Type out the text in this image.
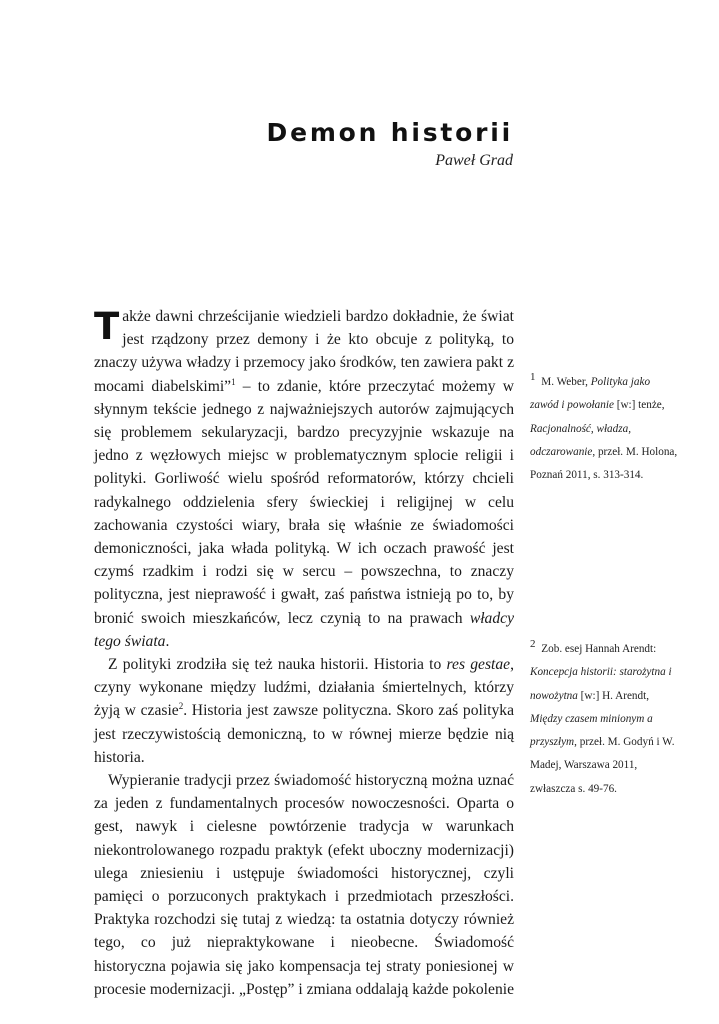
Demon historii
Paweł Grad

Także dawni chrześcijanie wiedzieli bardzo dokładnie, że świat jest rządzony przez demony i że kto obcuje z polityką, to znaczy używa władzy i przemocy jako środków, ten zawiera pakt z mocami diabelskimi”$^1$ – to zdanie, które przeczytać możemy w słynnym tekście jednego z najważniejszych autorów zajmujących się problemem sekularyzacji, bardzo precyzyjnie wskazuje na jedno z węzłowych miejsc w problematycznym splocie religii i polityki. Gorliwość wielu spośród reformatorów, którzy chcieli radykalnego oddzielenia sfery świeckiej i religijnej w celu zachowania czystości wiary, brała się właśnie ze świadomości demoniczności, jaka włada polityką. W ich oczach prawość jest czymś rzadkim i rodzi się w sercu – powszechna, to znaczy polityczna, jest nieprawość i gwałt, zaś państwa istnieją po to, by bronić swoich mieszkańców, lecz czynią to na prawach władcy tego świata.

Z polityki zrodziła się też nauka historii. Historia to res gestae, czyny wykonane między ludźmi, działania śmiertelnych, którzy żyją w czasie$^2$. Historia jest zawsze polityczna. Skoro zaś polityka jest rzeczywistością demoniczną, to w równej mierze będzie nią historia.

Wypieranie tradycji przez świadomość historyczną można uznać za jeden z fundamentalnych procesów nowoczesności. Oparta o gest, nawyk i cielesne powtórzenie tradycja w warunkach niekontrolowanego rozpadu praktyk (efekt uboczny modernizacji) ulega zniesieniu i ustępuje świadomości historycznej, czyli pamięci o porzuconych praktykach i przedmiotach przeszłości. Praktyka rozchodzi się tutaj z wiedzą: ta ostatnia dotyczy również tego, co już niepraktykowane i nieobecne. Świadomość historyczna pojawia się jako kompensacja tej straty poniesionej w procesie modernizacji. „Postęp” i zmiana oddalają każde pokolenie

1 M. Weber, Polityka jako zawód i powołanie [w:] tenże, Racjonalność, władza, odczarowanie, przeł. M. Holona, Poznań 2011, s. 313-314.
2 Zob. esej Hannah Arendt: Koncepcja historii: starożytna i nowożytna [w:] H. Arendt, Między czasem minionym a przyszłym, przeł. M. Godyń i W. Madej, Warszawa 2011, zwłaszcza s. 49-76.
